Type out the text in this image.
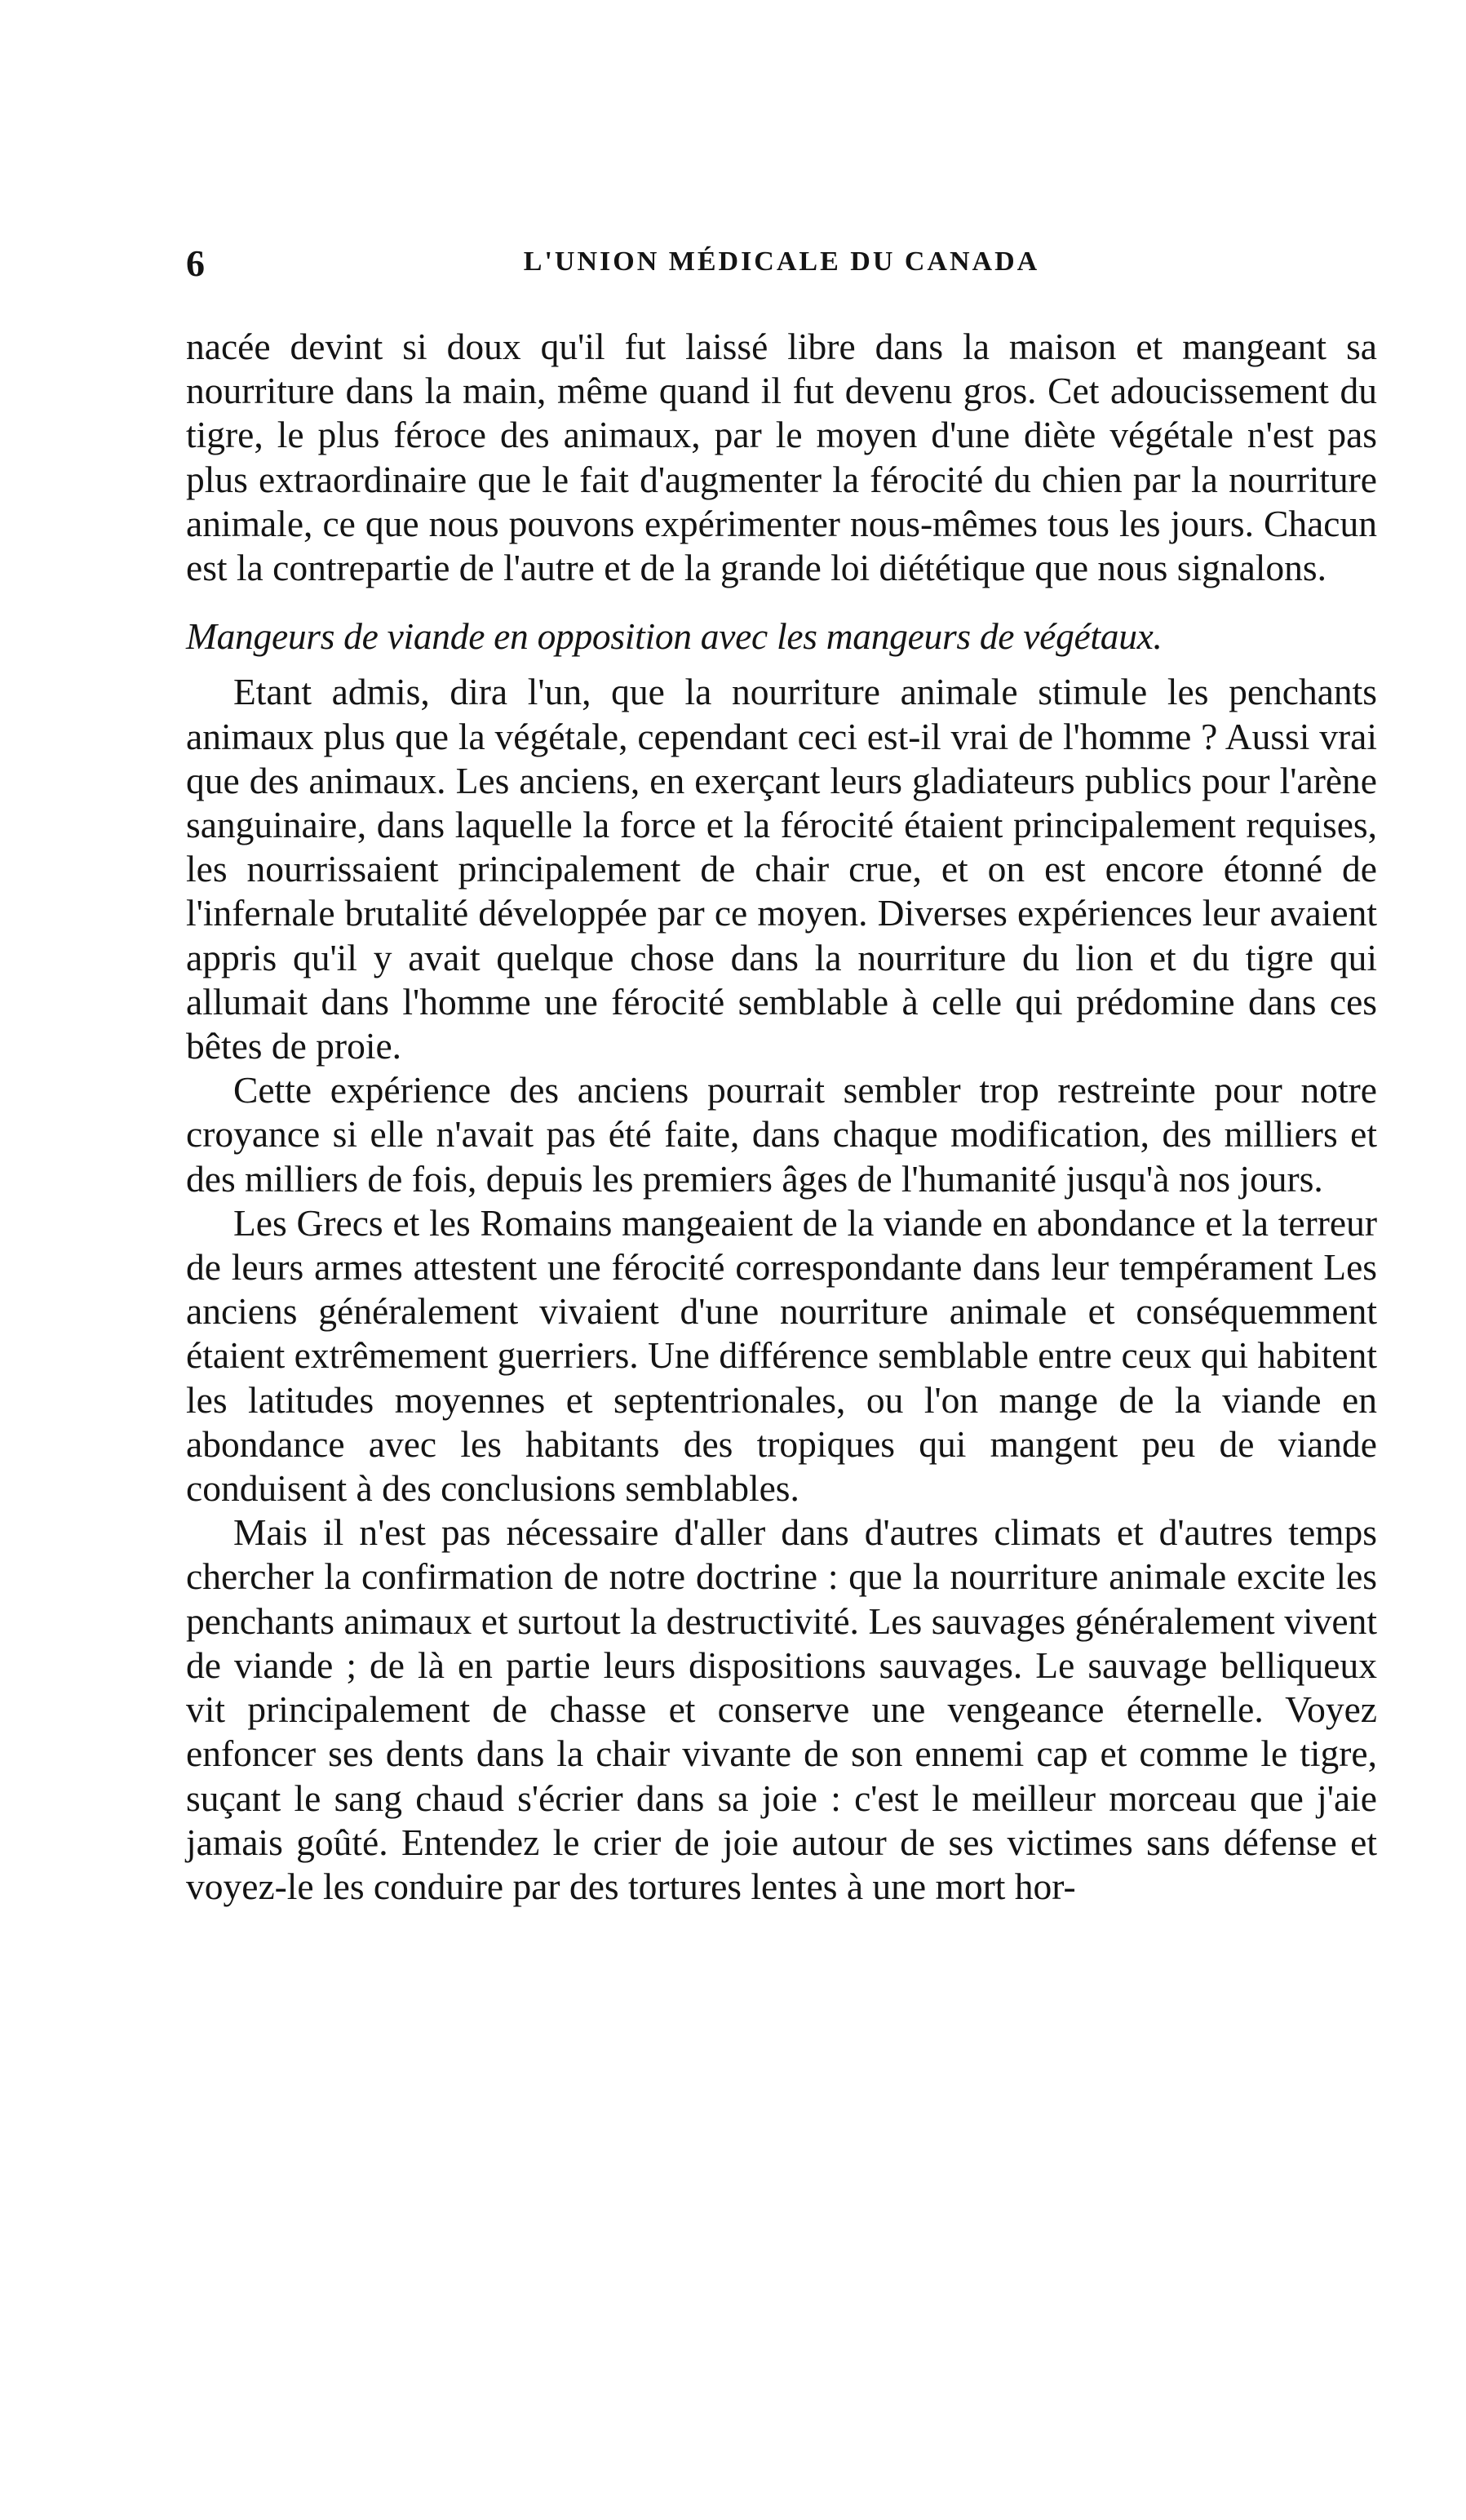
6	L'UNION MÉDICALE DU CANADA

nacée devint si doux qu'il fut laissé libre dans la maison et mangeant sa nourriture dans la main, même quand il fut devenu gros. Cet adoucissement du tigre, le plus féroce des animaux, par le moyen d'une diète végétale n'est pas plus extraordinaire que le fait d'augmenter la férocité du chien par la nourriture animale, ce que nous pouvons expérimenter nous-mêmes tous les jours. Chacun est la contrepartie de l'autre et de la grande loi diététique que nous signalons.

Mangeurs de viande en opposition avec les mangeurs de végétaux.

Etant admis, dira l'un, que la nourriture animale stimule les penchants animaux plus que la végétale, cependant ceci est-il vrai de l'homme ? Aussi vrai que des animaux. Les anciens, en exerçant leurs gladiateurs publics pour l'arène sanguinaire, dans laquelle la force et la férocité étaient principalement requises, les nourrissaient principalement de chair crue, et on est encore étonné de l'infernale brutalité développée par ce moyen. Diverses expériences leur avaient appris qu'il y avait quelque chose dans la nourriture du lion et du tigre qui allumait dans l'homme une férocité semblable à celle qui prédomine dans ces bêtes de proie.

Cette expérience des anciens pourrait sembler trop restreinte pour notre croyance si elle n'avait pas été faite, dans chaque modification, des milliers et des milliers de fois, depuis les premiers âges de l'humanité jusqu'à nos jours.

Les Grecs et les Romains mangeaient de la viande en abondance et la terreur de leurs armes attestent une férocité correspondante dans leur tempérament Les anciens généralement vivaient d'une nourriture animale et conséquemment étaient extrêmement guerriers. Une différence semblable entre ceux qui habitent les latitudes moyennes et septentrionales, ou l'on mange de la viande en abondance avec les habitants des tropiques qui mangent peu de viande conduisent à des conclusions semblables.

Mais il n'est pas nécessaire d'aller dans d'autres climats et d'autres temps chercher la confirmation de notre doctrine : que la nourriture animale excite les penchants animaux et surtout la destructivité. Les sauvages généralement vivent de viande ; de là en partie leurs dispositions sauvages. Le sauvage belliqueux vit principalement de chasse et conserve une vengeance éternelle. Voyez enfoncer ses dents dans la chair vivante de son ennemi cap et comme le tigre, suçant le sang chaud s'écrier dans sa joie : c'est le meilleur morceau que j'aie jamais goûté. Entendez le crier de joie autour de ses victimes sans défense et voyez-le les conduire par des tortures lentes à une mort hor-
